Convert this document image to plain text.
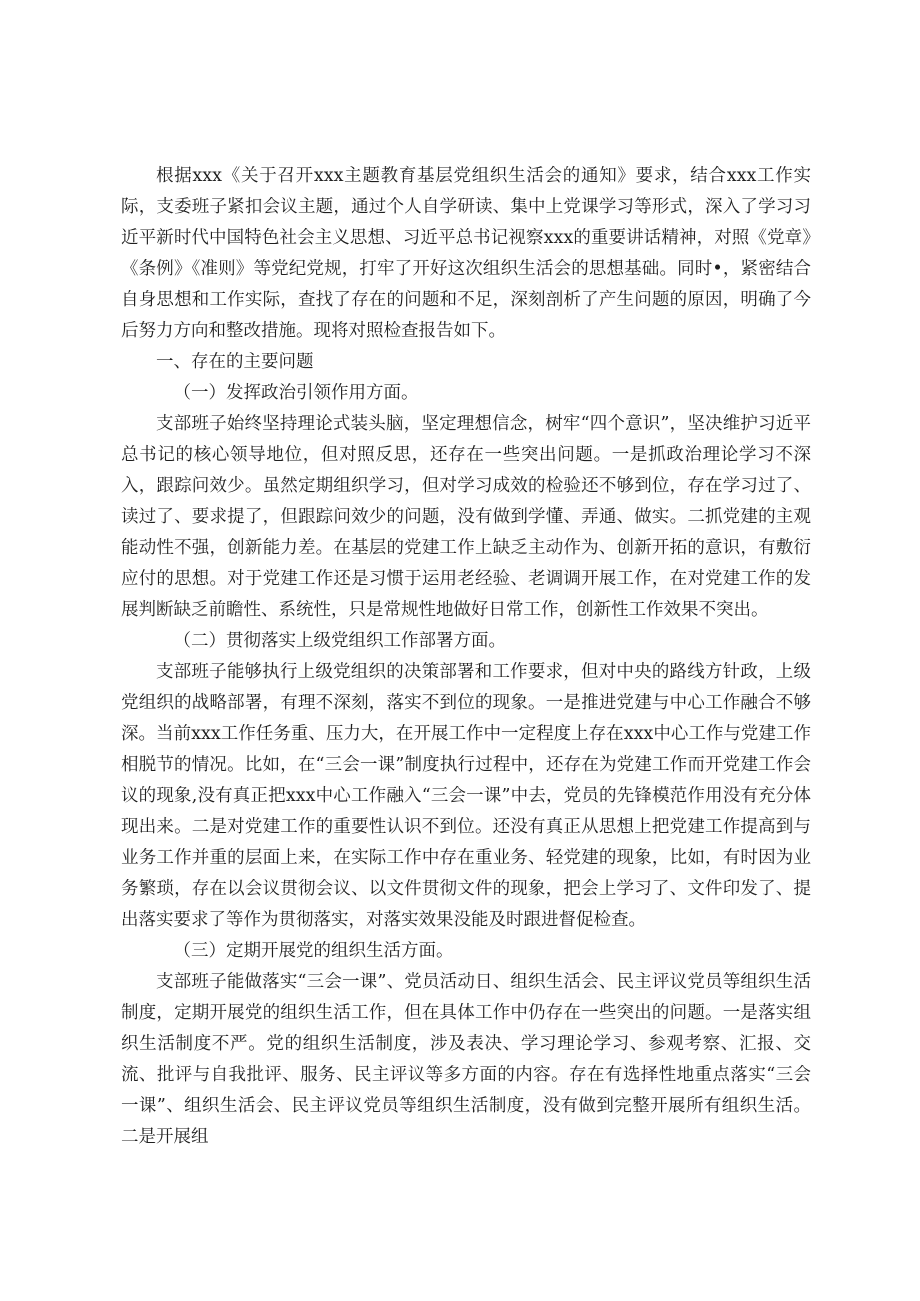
根据xxx《关于召开xxx主题教育基层党组织生活会的通知》要求，结合xxx工作实际，支委班子紧扣会议主题，通过个人自学研读、集中上党课学习等形式，深入了学习习近平新时代中国特色社会主义思想、习近平总书记视察xxx的重要讲话精神，对照《党章》《条例》《准则》等党纪党规，打牢了开好这次组织生活会的思想基础。同时•，紧密结合自身思想和工作实际，查找了存在的问题和不足，深刻剖析了产生问题的原因，明确了今后努力方向和整改措施。现将对照检查报告如下。

一、存在的主要问题

（一）发挥政治引领作用方面。

支部班子始终坚持理论式装头脑，坚定理想信念，树牢“四个意识”，坚决维护习近平总书记的核心领导地位，但对照反思，还存在一些突出问题。一是抓政治理论学习不深入，跟踪问效少。虽然定期组织学习，但对学习成效的检验还不够到位，存在学习过了、读过了、要求提了，但跟踪问效少的问题，没有做到学懂、弄通、做实。二抓党建的主观能动性不强，创新能力差。在基层的党建工作上缺乏主动作为、创新开拓的意识，有敷衍应付的思想。对于党建工作还是习惯于运用老经验、老调调开展工作，在对党建工作的发展判断缺乏前瞻性、系统性，只是常规性地做好日常工作，创新性工作效果不突出。

（二）贯彻落实上级党组织工作部署方面。

支部班子能够执行上级党组织的决策部署和工作要求，但对中央的路线方针政，上级党组织的战略部署，有理不深刻，落实不到位的现象。一是推进党建与中心工作融合不够深。当前xxx工作任务重、压力大，在开展工作中一定程度上存在xxx中心工作与党建工作相脱节的情况。比如，在“三会一课”制度执行过程中，还存在为党建工作而开党建工作会议的现象,没有真正把xxx中心工作融入“三会一课”中去，党员的先锋模范作用没有充分体现出来。二是对党建工作的重要性认识不到位。还没有真正从思想上把党建工作提高到与业务工作并重的层面上来，在实际工作中存在重业务、轻党建的现象，比如，有时因为业务繁琐，存在以会议贯彻会议、以文件贯彻文件的现象，把会上学习了、文件印发了、提出落实要求了等作为贯彻落实，对落实效果没能及时跟进督促检查。

（三）定期开展党的组织生活方面。

支部班子能做落实“三会一课”、党员活动日、组织生活会、民主评议党员等组织生活制度，定期开展党的组织生活工作，但在具体工作中仍存在一些突出的问题。一是落实组织生活制度不严。党的组织生活制度，涉及表决、学习理论学习、参观考察、汇报、交流、批评与自我批评、服务、民主评议等多方面的内容。存在有选择性地重点落实“三会一课”、组织生活会、民主评议党员等组织生活制度，没有做到完整开展所有组织生活。二是开展组
